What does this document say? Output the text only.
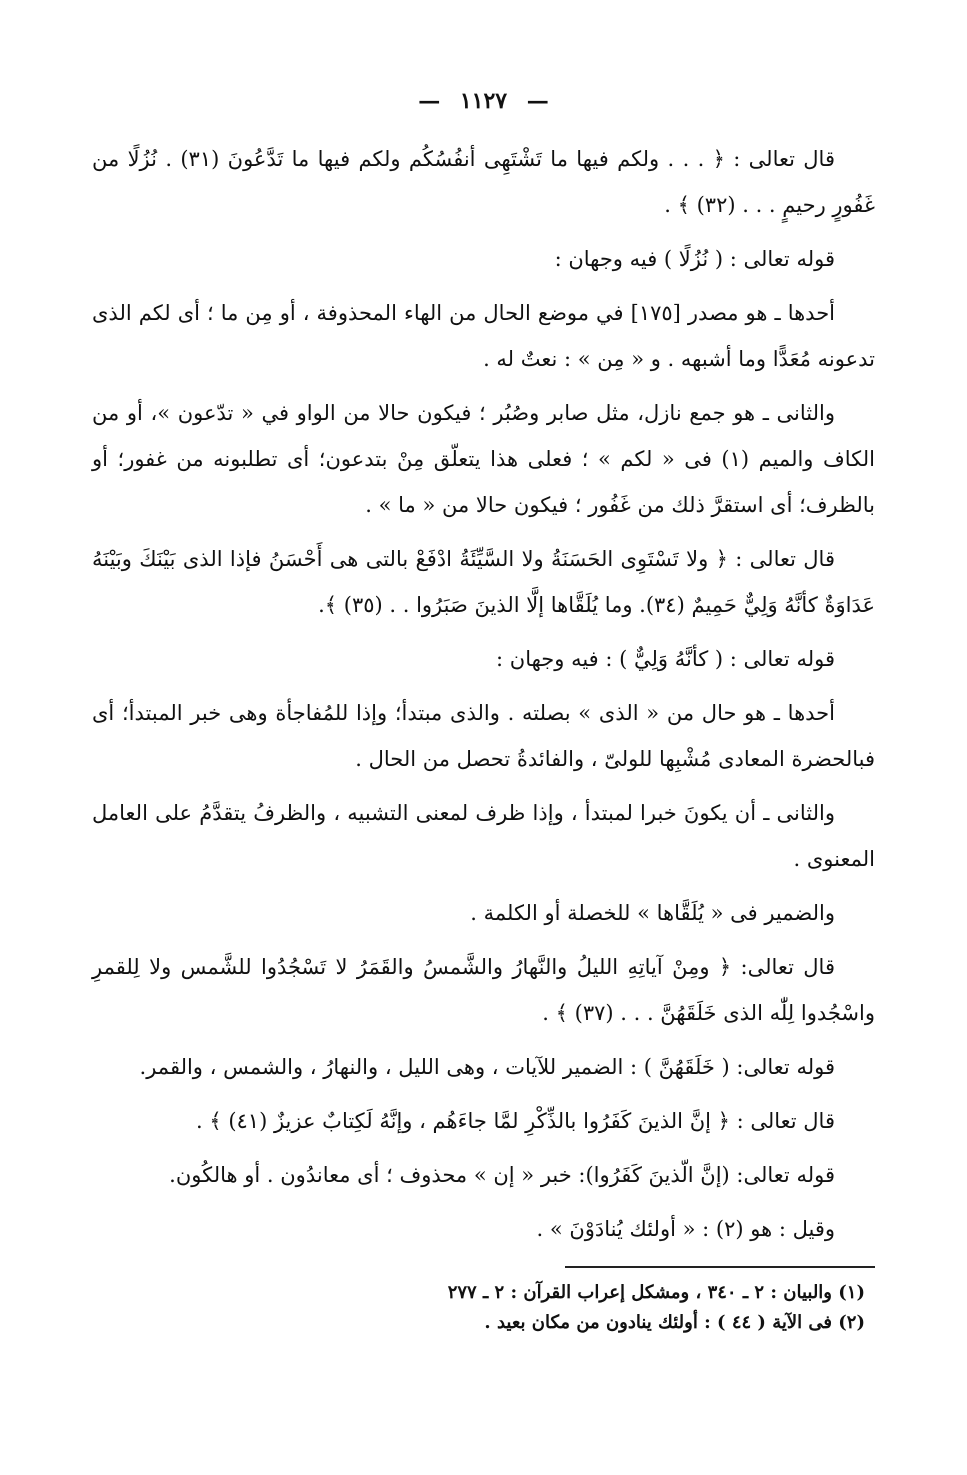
— ١١٢٧ —

قال تعالى : ﴿ . . . ولكم فيها ما تَشْتَهِى أنفُسُكُم ولكم فيها ما تَدَّعُونَ (٣١) . نُزُلًا من غَفُورٍ رحيمٍ . . . (٣٢) ﴾ .

قوله تعالى : ( نُزُلًا ) فيه وجهان :

أحدها ـ هو مصدر [١٧٥] في موضع الحال من الهاء المحذوفة ، أو مِن ما ؛ أى لكم الذى تدعونه مُعَدًّا وما أشبهه . و « مِن » : نعتٌ له .

والثانى ـ هو جمع نازل، مثل صابر وصُبُر ؛ فيكون حالا من الواو في « تدّعون »، أو من الكاف والميم (١) فى « لكم » ؛ فعلى هذا يتعلّق مِنْ بتدعون؛ أى تطلبونه من غفور؛ أو بالظرف؛ أى استقرَّ ذلك من غَفُور ؛ فيكون حالا من « ما » .

قال تعالى : ﴿ ولا تَسْتَوِى الحَسَنَةُ ولا السَّيِّئَةُ ادْفَعْ بالتى هى أَحْسَنُ فإذا الذى بَيْنَكَ وبَيْنَهُ عَدَاوَةٌ كأنَّهُ وَلِيٌّ حَمِيمٌ (٣٤). وما يُلَقَّاها إلَّا الذينَ صَبَرُوا . . (٣٥) ﴾.

قوله تعالى : ( كأنَّهُ وَلِيٌّ ) : فيه وجهان :

أحدها ـ هو حال من « الذى » بصلته . والذى مبتدأ؛ وإذا للمُفاجأة وهى خبر المبتدأ؛ أى فبالحضرة المعادى مُشْبِها للولىّ ، والفائدةُ تحصل من الحال .

والثانى ـ أن يكونَ خبرا لمبتدأ ، وإذا ظرف لمعنى التشبيه ، والظرفُ يتقدَّمُ على العامل المعنوى .

والضمير فى « يُلَقَّاها » للخصلة أو الكلمة .

قال تعالى: ﴿ ومِنْ آياتِهِ الليلُ والنَّهارُ والشَّمسُ والقَمَرُ لا تَسْجُدُوا للشَّمس ولا لِلقمرِ واسْجُدوا لِلّٰه الذى خَلَقَهُنَّ . . . (٣٧) ﴾ .

قوله تعالى: ( خَلَقَهُنَّ ) : الضمير للآيات ، وهى الليل ، والنهارُ ، والشمس ، والقمر.

قال تعالى : ﴿ إنَّ الذينَ كَفَرُوا بالذِّكْرِ لمَّا جاءَهُم ، وإنَّهُ لَكِتابٌ عزيزٌ (٤١) ﴾ .

قوله تعالى: (إنَّ الّذينَ كَفَرُوا): خبر « إن » محذوف ؛ أى معاندُون . أو هالكُون.

وقيل : هو (٢) : « أولئك يُنادَوْنَ » .

(١) والبيان : ٢ ـ ٣٤٠ ، ومشكل إعراب القرآن : ٢ ـ ٢٧٧

(٢) فى الآية ( ٤٤ ) : أولئك ينادون من مكان بعيد .
